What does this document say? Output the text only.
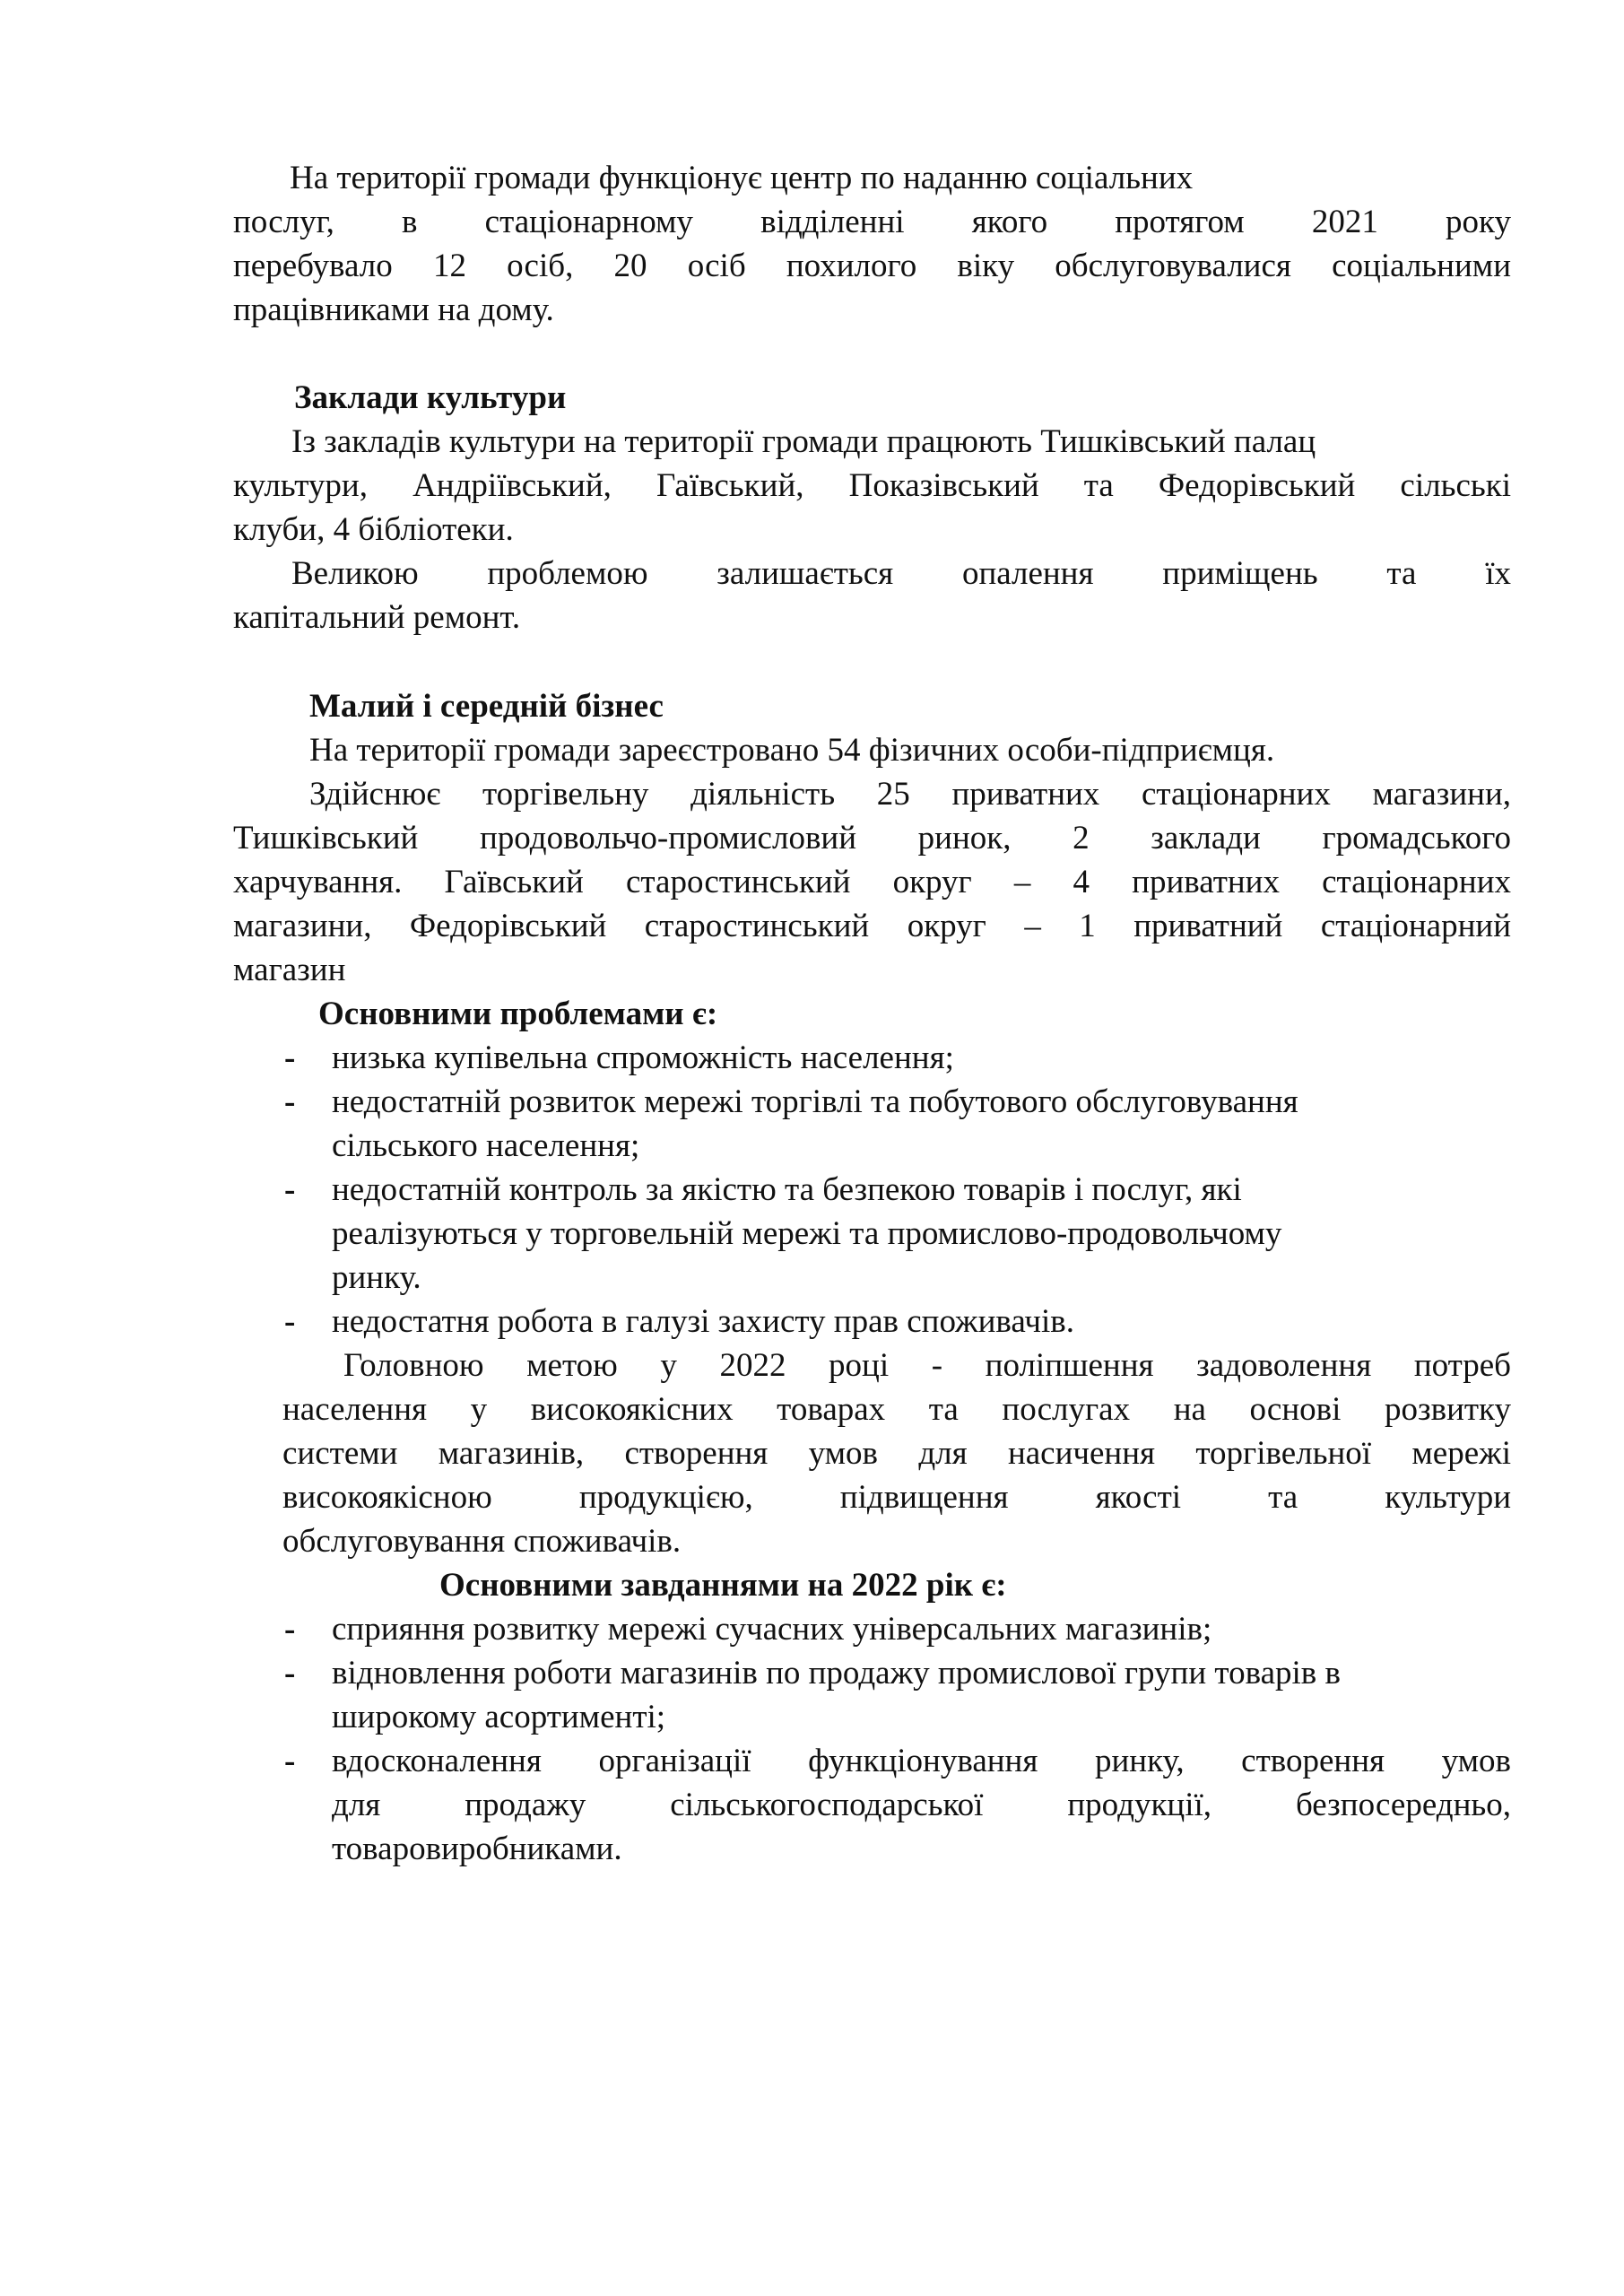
На території громади функціонує центр по наданню соціальних
послуг, в стаціонарному відділенні якого протягом 2021 року
перебувало 12 осіб, 20 осіб похилого віку обслуговувалися соціальними
працівниками на дому.
Заклади культури
Із закладів культури на території громади працюють Тишківський палац
культури, Андріївський, Гаївський, Показівський та Федорівський сільські
клуби, 4 бібліотеки.
Великою проблемою залишається опалення приміщень та їх
капітальний ремонт.
Малий і середній бізнес
На території громади зареєстровано 54 фізичних особи-підприємця.
Здійснює торгівельну діяльність 25 приватних стаціонарних магазини,
Тишківський продовольчо-промисловий ринок, 2 заклади громадського
харчування. Гаївський старостинський округ – 4 приватних стаціонарних
магазини, Федорівський старостинський округ – 1 приватний стаціонарний
магазин
Основними проблемами є:
- низька купівельна спроможність населення;
- недостатній розвиток мережі торгівлі та побутового обслуговування
сільського населення;
- недостатній контроль за якістю та безпекою товарів і послуг, які
реалізуються у торговельній мережі та промислово-продовольчому
ринку.
- недостатня робота в галузі захисту прав споживачів.
Головною метою у 2022 році - поліпшення задоволення потреб
населення у високоякісних товарах та послугах на основі розвитку
системи магазинів, створення умов для насичення торгівельної мережі
високоякісною продукцією, підвищення якості та культури
обслуговування споживачів.
Основними завданнями на 2022 рік є:
- сприяння розвитку мережі сучасних універсальних магазинів;
- відновлення роботи магазинів по продажу промислової групи товарів в
широкому асортименті;
- вдосконалення організації функціонування ринку, створення умов
для продажу сільськогосподарської продукції, безпосередньо,
товаровиробниками.
